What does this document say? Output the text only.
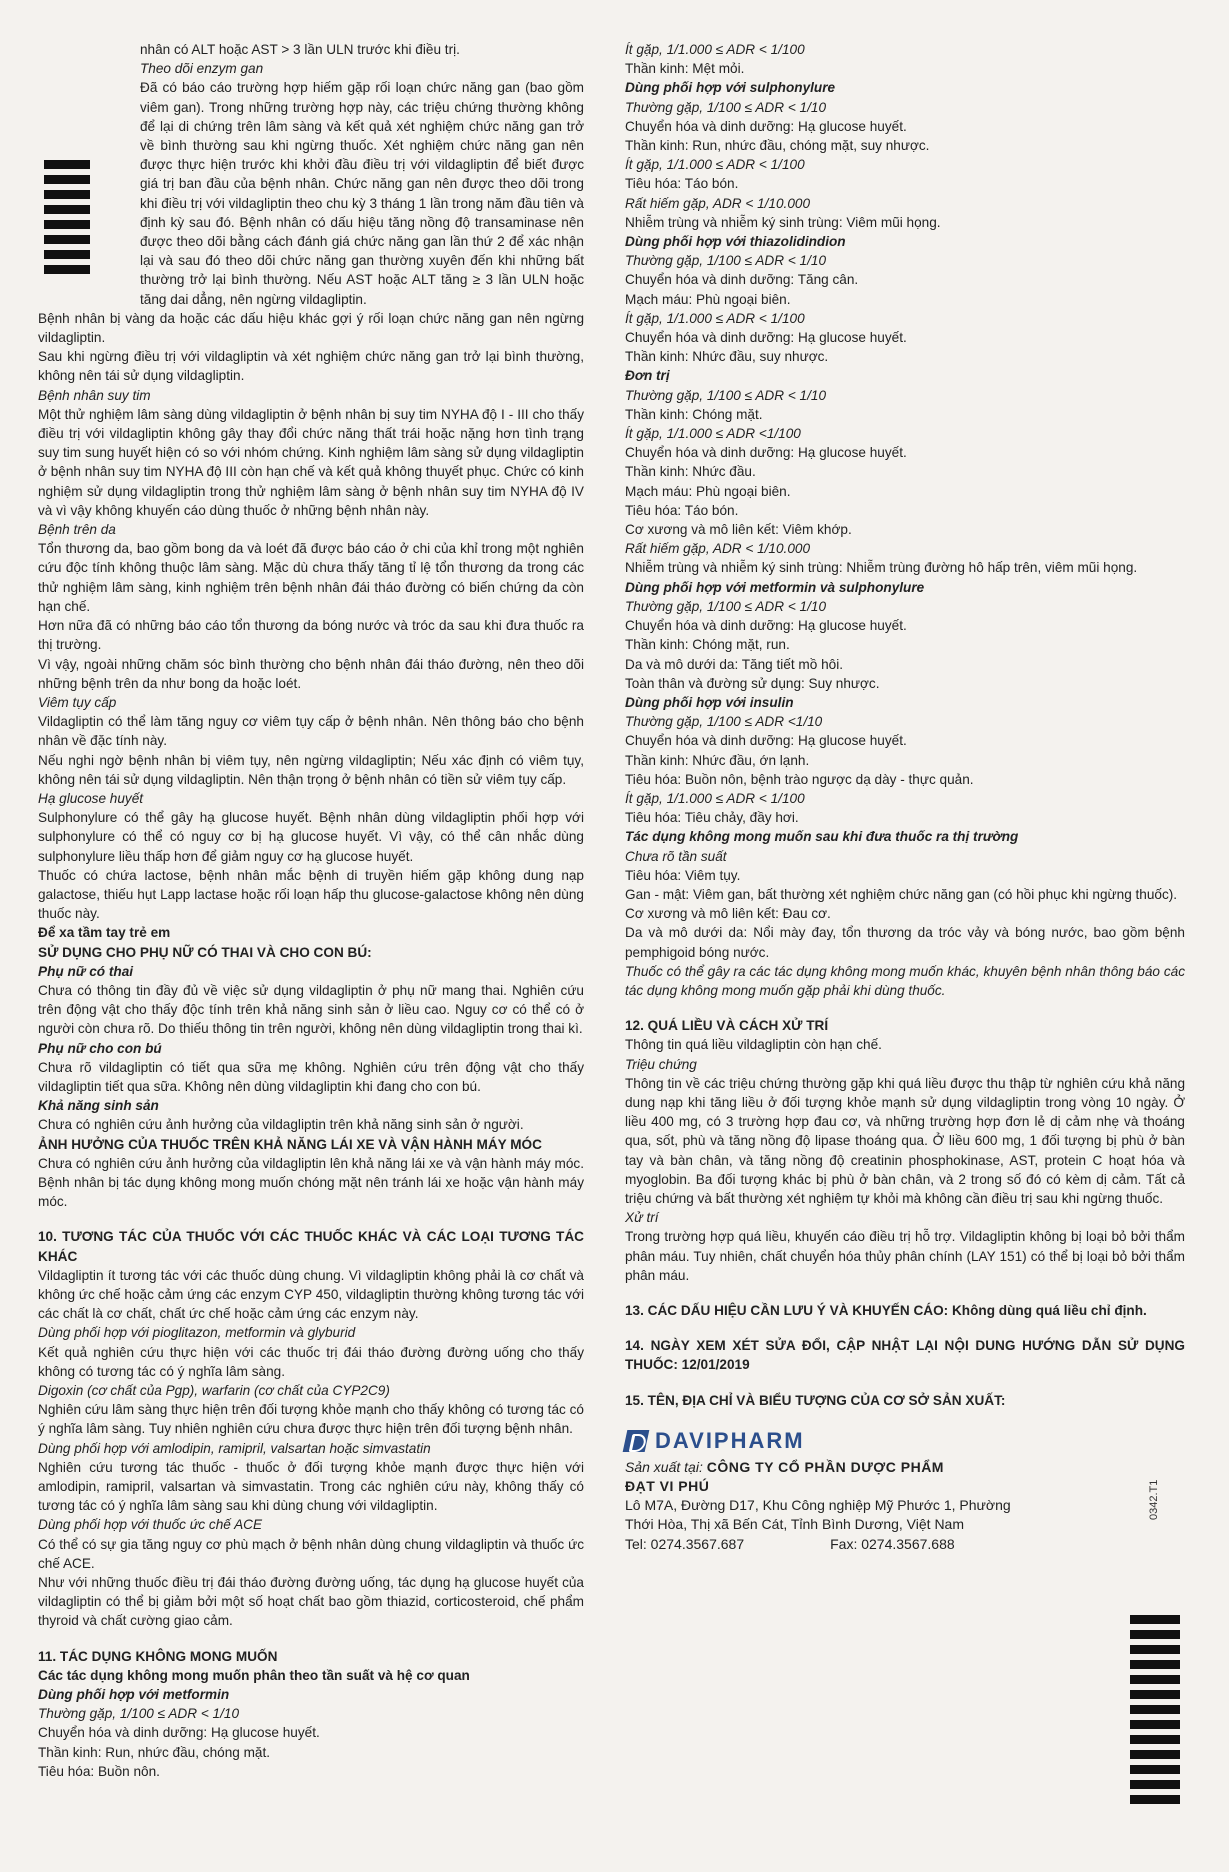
nhân có ALT hoặc AST > 3 lần ULN trước khi điều trị.

Theo dõi enzym gan

Đã có báo cáo trường hợp hiếm gặp rối loạn chức năng gan (bao gồm viêm gan). Trong những trường hợp này, các triệu chứng thường không để lại di chứng trên lâm sàng và kết quả xét nghiệm chức năng gan trở về bình thường sau khi ngừng thuốc. Xét nghiệm chức năng gan nên được thực hiện trước khi khởi đầu điều trị với vildagliptin để biết được giá trị ban đầu của bệnh nhân. Chức năng gan nên được theo dõi trong khi điều trị với vildagliptin theo chu kỳ 3 tháng 1 lần trong năm đầu tiên và định kỳ sau đó. Bệnh nhân có dấu hiệu tăng nồng độ transaminase nên được theo dõi bằng cách đánh giá chức năng gan lần thứ 2 để xác nhận lại và sau đó theo dõi chức năng gan thường xuyên đến khi những bất thường trở lại bình thường. Nếu AST hoặc ALT tăng ≥ 3 lần ULN hoặc tăng dai dẳng, nên ngừng vildagliptin.

Bệnh nhân bị vàng da hoặc các dấu hiệu khác gợi ý rối loạn chức năng gan nên ngừng vildagliptin.

Sau khi ngừng điều trị với vildagliptin và xét nghiệm chức năng gan trở lại bình thường, không nên tái sử dụng vildagliptin.

Bệnh nhân suy tim

Một thử nghiệm lâm sàng dùng vildagliptin ở bệnh nhân bị suy tim NYHA độ I - III cho thấy điều trị với vildagliptin không gây thay đổi chức năng thất trái hoặc nặng hơn tình trạng suy tim sung huyết hiện có so với nhóm chứng. Kinh nghiệm lâm sàng sử dụng vildagliptin ở bệnh nhân suy tim NYHA độ III còn hạn chế và kết quả không thuyết phục. Chức có kinh nghiệm sử dụng vildagliptin trong thử nghiệm lâm sàng ở bệnh nhân suy tim NYHA độ IV và vì vậy không khuyến cáo dùng thuốc ở những bệnh nhân này.

Bệnh trên da

Tổn thương da, bao gồm bong da và loét đã được báo cáo ở chi của khỉ trong một nghiên cứu độc tính không thuộc lâm sàng. Mặc dù chưa thấy tăng tỉ lệ tổn thương da trong các thử nghiệm lâm sàng, kinh nghiệm trên bệnh nhân đái tháo đường có biến chứng da còn hạn chế.

Hơn nữa đã có những báo cáo tổn thương da bóng nước và tróc da sau khi đưa thuốc ra thị trường.

Vì vậy, ngoài những chăm sóc bình thường cho bệnh nhân đái tháo đường, nên theo dõi những bệnh trên da như bong da hoặc loét.

Viêm tụy cấp

Vildagliptin có thể làm tăng nguy cơ viêm tụy cấp ở bệnh nhân. Nên thông báo cho bệnh nhân về đặc tính này.

Nếu nghi ngờ bệnh nhân bị viêm tụy, nên ngừng vildagliptin; Nếu xác định có viêm tụy, không nên tái sử dụng vildagliptin. Nên thận trọng ở bệnh nhân có tiền sử viêm tụy cấp.

Hạ glucose huyết

Sulphonylure có thể gây hạ glucose huyết. Bệnh nhân dùng vildagliptin phối hợp với sulphonylure có thể có nguy cơ bị hạ glucose huyết. Vì vậy, có thể cân nhắc dùng sulphonylure liều thấp hơn để giảm nguy cơ hạ glucose huyết.

Thuốc có chứa lactose, bệnh nhân mắc bệnh di truyền hiếm gặp không dung nạp galactose, thiếu hụt Lapp lactase hoặc rối loạn hấp thu glucose-galactose không nên dùng thuốc này.

Để xa tầm tay trẻ em

SỬ DỤNG CHO PHỤ NỮ CÓ THAI VÀ CHO CON BÚ:

Phụ nữ có thai

Chưa có thông tin đầy đủ về việc sử dụng vildagliptin ở phụ nữ mang thai. Nghiên cứu trên động vật cho thấy độc tính trên khả năng sinh sản ở liều cao. Nguy cơ có thể có ở người còn chưa rõ. Do thiếu thông tin trên người, không nên dùng vildagliptin trong thai kì.

Phụ nữ cho con bú

Chưa rõ vildagliptin có tiết qua sữa mẹ không. Nghiên cứu trên động vật cho thấy vildagliptin tiết qua sữa. Không nên dùng vildagliptin khi đang cho con bú.

Khả năng sinh sản

Chưa có nghiên cứu ảnh hưởng của vildagliptin trên khả năng sinh sản ở người.

ẢNH HƯỞNG CỦA THUỐC TRÊN KHẢ NĂNG LÁI XE VÀ VẬN HÀNH MÁY MÓC

Chưa có nghiên cứu ảnh hưởng của vildagliptin lên khả năng lái xe và vận hành máy móc. Bệnh nhân bị tác dụng không mong muốn chóng mặt nên tránh lái xe hoặc vận hành máy móc.

10. TƯƠNG TÁC CỦA THUỐC VỚI CÁC THUỐC KHÁC VÀ CÁC LOẠI TƯƠNG TÁC KHÁC

Vildagliptin ít tương tác với các thuốc dùng chung. Vì vildagliptin không phải là cơ chất và không ức chế hoặc cảm ứng các enzym CYP 450, vildagliptin thường không tương tác với các chất là cơ chất, chất ức chế hoặc cảm ứng các enzym này.

Dùng phối hợp với pioglitazon, metformin và glyburid

Kết quả nghiên cứu thực hiện với các thuốc trị đái tháo đường đường uống cho thấy không có tương tác có ý nghĩa lâm sàng.

Digoxin (cơ chất của Pgp), warfarin (cơ chất của CYP2C9)

Nghiên cứu lâm sàng thực hiện trên đối tượng khỏe mạnh cho thấy không có tương tác có ý nghĩa lâm sàng. Tuy nhiên nghiên cứu chưa được thực hiện trên đối tượng bệnh nhân.

Dùng phối hợp với amlodipin, ramipril, valsartan hoặc simvastatin

Nghiên cứu tương tác thuốc - thuốc ở đối tượng khỏe mạnh được thực hiện với amlodipin, ramipril, valsartan và simvastatin. Trong các nghiên cứu này, không thấy có tương tác có ý nghĩa lâm sàng sau khi dùng chung với vildagliptin.

Dùng phối hợp với thuốc ức chế ACE

Có thể có sự gia tăng nguy cơ phù mạch ở bệnh nhân dùng chung vildagliptin và thuốc ức chế ACE.

Như với những thuốc điều trị đái tháo đường đường uống, tác dụng hạ glucose huyết của vildagliptin có thể bị giảm bởi một số hoạt chất bao gồm thiazid, corticosteroid, chế phẩm thyroid và chất cường giao cảm.

11. TÁC DỤNG KHÔNG MONG MUỐN

Các tác dụng không mong muốn phân theo tần suất và hệ cơ quan

Dùng phối hợp với metformin

Thường gặp, 1/100 ≤ ADR < 1/10

Chuyển hóa và dinh dưỡng: Hạ glucose huyết.

Thần kinh: Run, nhức đầu, chóng mặt.

Tiêu hóa: Buồn nôn.

Ít gặp, 1/1.000 ≤ ADR < 1/100

Thần kinh: Mệt mỏi.

Dùng phối hợp với sulphonylure

Thường gặp, 1/100 ≤ ADR < 1/10

Chuyển hóa và dinh dưỡng: Hạ glucose huyết.

Thần kinh: Run, nhức đầu, chóng mặt, suy nhược.

Ít gặp, 1/1.000 ≤ ADR < 1/100

Tiêu hóa: Táo bón.

Rất hiếm gặp, ADR < 1/10.000

Nhiễm trùng và nhiễm ký sinh trùng: Viêm mũi họng.

Dùng phối hợp với thiazolidindion

Thường gặp, 1/100 ≤ ADR < 1/10

Chuyển hóa và dinh dưỡng: Tăng cân.

Mạch máu: Phù ngoại biên.

Ít gặp, 1/1.000 ≤ ADR < 1/100

Chuyển hóa và dinh dưỡng: Hạ glucose huyết.

Thần kinh: Nhức đầu, suy nhược.

Đơn trị

Thường gặp, 1/100 ≤ ADR < 1/10

Thần kinh: Chóng mặt.

Ít gặp, 1/1.000 ≤ ADR <1/100

Chuyển hóa và dinh dưỡng: Hạ glucose huyết.

Thần kinh: Nhức đầu.

Mạch máu: Phù ngoại biên.

Tiêu hóa: Táo bón.

Cơ xương và mô liên kết: Viêm khớp.

Rất hiếm gặp, ADR < 1/10.000

Nhiễm trùng và nhiễm ký sinh trùng: Nhiễm trùng đường hô hấp trên, viêm mũi họng.

Dùng phối hợp với metformin và sulphonylure

Thường gặp, 1/100 ≤ ADR < 1/10

Chuyển hóa và dinh dưỡng: Hạ glucose huyết.

Thần kinh: Chóng mặt, run.

Da và mô dưới da: Tăng tiết mồ hôi.

Toàn thân và đường sử dụng: Suy nhược.

Dùng phối hợp với insulin

Thường gặp, 1/100 ≤ ADR <1/10

Chuyển hóa và dinh dưỡng: Hạ glucose huyết.

Thần kinh: Nhức đầu, ớn lạnh.

Tiêu hóa: Buồn nôn, bệnh trào ngược dạ dày - thực quản.

Ít gặp, 1/1.000 ≤ ADR < 1/100

Tiêu hóa: Tiêu chảy, đầy hơi.

Tác dụng không mong muốn sau khi đưa thuốc ra thị trường

Chưa rõ tần suất

Tiêu hóa: Viêm tụy.

Gan - mật: Viêm gan, bất thường xét nghiệm chức năng gan (có hồi phục khi ngừng thuốc).

Cơ xương và mô liên kết: Đau cơ.

Da và mô dưới da: Nổi mày đay, tổn thương da tróc vảy và bóng nước, bao gồm bệnh pemphigoid bóng nước.

Thuốc có thể gây ra các tác dụng không mong muốn khác, khuyên bệnh nhân thông báo các tác dụng không mong muốn gặp phải khi dùng thuốc.

12. QUÁ LIỀU VÀ CÁCH XỬ TRÍ

Thông tin quá liều vildagliptin còn hạn chế.

Triệu chứng

Thông tin về các triệu chứng thường gặp khi quá liều được thu thập từ nghiên cứu khả năng dung nạp khi tăng liều ở đối tượng khỏe mạnh sử dụng vildagliptin trong vòng 10 ngày. Ở liều 400 mg, có 3 trường hợp đau cơ, và những trường hợp đơn lẻ dị cảm nhẹ và thoáng qua, sốt, phù và tăng nồng độ lipase thoáng qua. Ở liều 600 mg, 1 đối tượng bị phù ở bàn tay và bàn chân, và tăng nồng độ creatinin phosphokinase, AST, protein C hoạt hóa và myoglobin. Ba đối tượng khác bị phù ở bàn chân, và 2 trong số đó có kèm dị cảm. Tất cả triệu chứng và bất thường xét nghiệm tự khỏi mà không cần điều trị sau khi ngừng thuốc.

Xử trí

Trong trường hợp quá liều, khuyến cáo điều trị hỗ trợ. Vildagliptin không bị loại bỏ bởi thẩm phân máu. Tuy nhiên, chất chuyển hóa thủy phân chính (LAY 151) có thể bị loại bỏ bởi thẩm phân máu.

13. CÁC DẤU HIỆU CẦN LƯU Ý VÀ KHUYẾN CÁO: Không dùng quá liều chỉ định.

14. NGÀY XEM XÉT SỬA ĐỔI, CẬP NHẬT LẠI NỘI DUNG HƯỚNG DẪN SỬ DỤNG THUỐC: 12/01/2019

15. TÊN, ĐỊA CHỈ VÀ BIỂU TƯỢNG CỦA CƠ SỞ SẢN XUẤT:

DAVIPHARM
Sản xuất tại: CÔNG TY CỔ PHẦN DƯỢC PHẨM
ĐẠT VI PHÚ
Lô M7A, Đường D17, Khu Công nghiệp Mỹ Phước 1, Phường
Thới Hòa, Thị xã Bến Cát, Tỉnh Bình Dương, Việt Nam
Tel: 0274.3567.687	Fax: 0274.3567.688
0342.T1
